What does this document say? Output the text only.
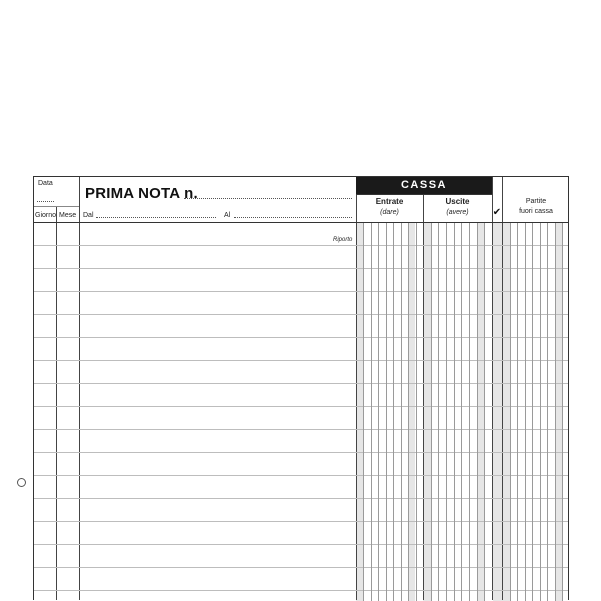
Data
Giorno Mese
PRIMA NOTA n.
Dal	Al
CASSA
Entrate
(dare)
Uscite
(avere)	✔
Partite
fuori cassa
Riporto
